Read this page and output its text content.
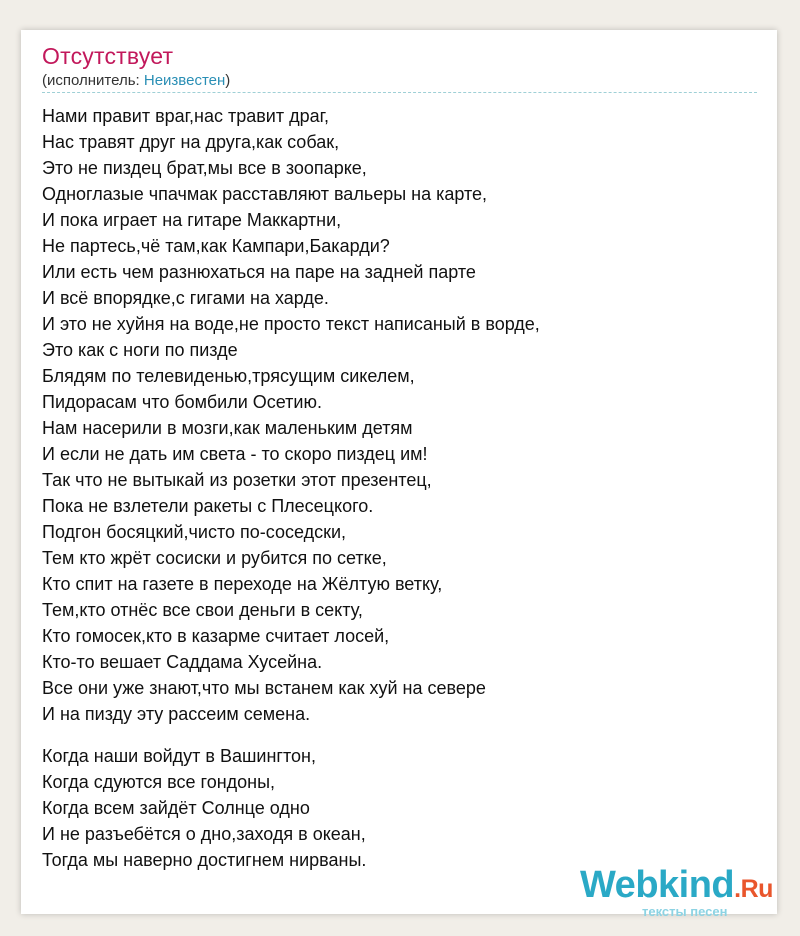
Отсутствует
(исполнитель: Неизвестен)
Нами правит враг,нас травит драг,
Нас травят друг на друга,как собак,
Это не пиздец брат,мы все в зоопарке,
Одноглазые чпачмак расставляют вальеры на карте,
И пока играет на гитаре Маккартни,
Не партесь,чё там,как Кампари,Бакарди?
Или есть чем разнюхаться на паре на задней парте
И всё впорядке,с гигами на харде.
И это не хуйня на воде,не просто текст написаный в ворде,
Это как с ноги по пизде
Блядям по телевиденью,трясущим сикелем,
Пидорасам что бомбили Осетию.
Нам насерили в мозги,как маленьким детям
И если не дать им света - то скоро пиздец им!
Так что не вытыкай из розетки этот презентец,
Пока не взлетели ракеты с Плесецкого.
Подгон босяцкий,чисто по-соседски,
Тем кто жрёт сосиски и рубится по сетке,
Кто спит на газете в переходе на Жёлтую ветку,
Тем,кто отнёс все свои деньги в секту,
Кто гомосек,кто в казарме считает лосей,
Кто-то вешает Саддама Хусейна.
Все они уже знают,что мы встанем как хуй на севере
И на пизду эту рассеим семена.
Когда наши войдут в Вашингтон,
Когда сдуются все гондоны,
Когда всем зайдёт Солнце одно
И не разъебётся о дно,заходя в океан,
Тогда мы наверно достигнем нирваны.
Webkind.Ru
тексты песен
